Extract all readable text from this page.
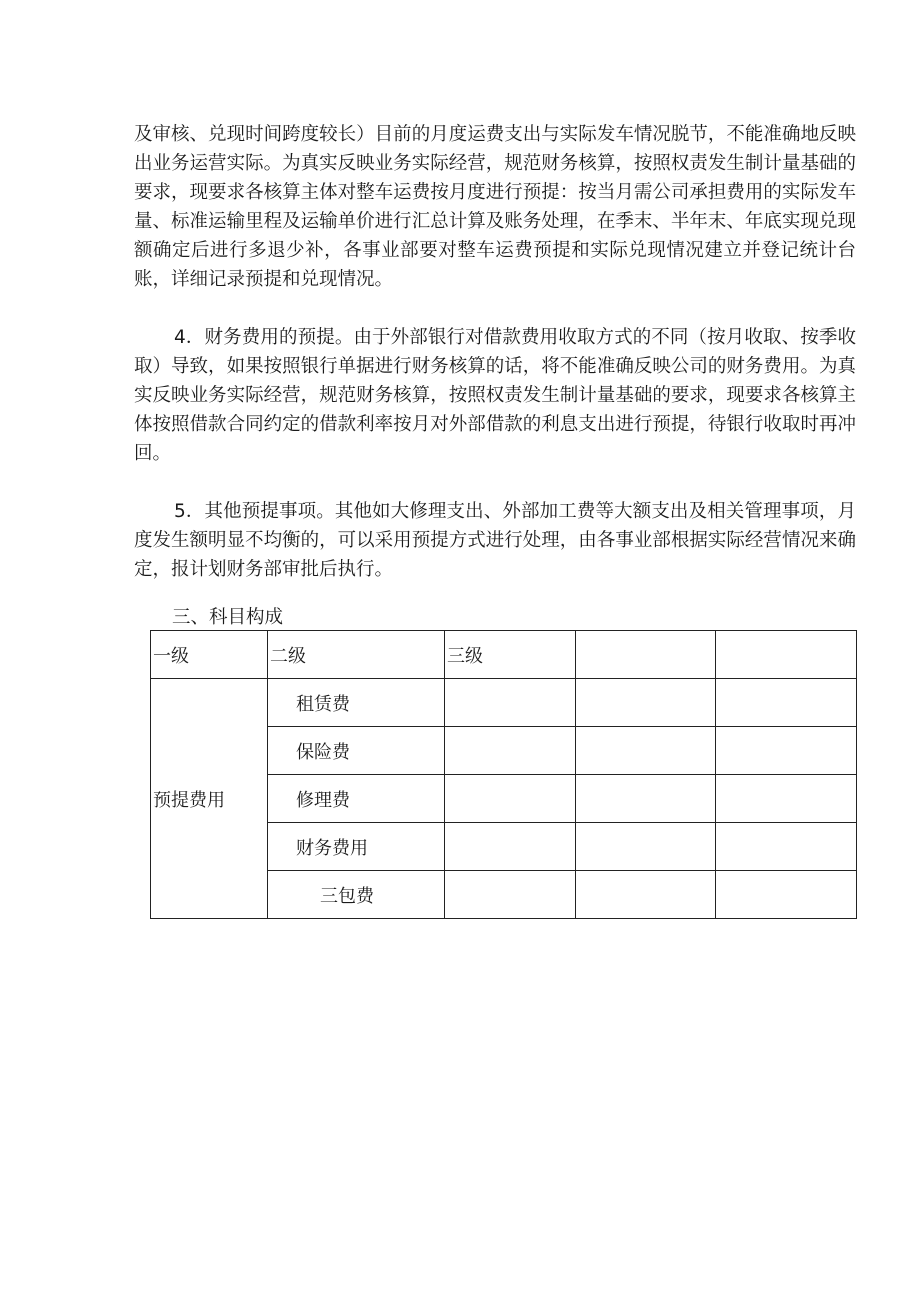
及审核、兑现时间跨度较长）目前的月度运费支出与实际发车情况脱节，不能准确地反映出业务运营实际。为真实反映业务实际经营，规范财务核算，按照权责发生制计量基础的要求，现要求各核算主体对整车运费按月度进行预提：按当月需公司承担费用的实际发车量、标准运输里程及运输单价进行汇总计算及账务处理，在季末、半年末、年底实现兑现额确定后进行多退少补，各事业部要对整车运费预提和实际兑现情况建立并登记统计台账，详细记录预提和兑现情况。

4．财务费用的预提。由于外部银行对借款费用收取方式的不同（按月收取、按季收取）导致，如果按照银行单据进行财务核算的话，将不能准确反映公司的财务费用。为真实反映业务实际经营，规范财务核算，按照权责发生制计量基础的要求，现要求各核算主体按照借款合同约定的借款利率按月对外部借款的利息支出进行预提，待银行收取时再冲回。

5．其他预提事项。其他如大修理支出、外部加工费等大额支出及相关管理事项，月度发生额明显不均衡的，可以采用预提方式进行处理，由各事业部根据实际经营情况来确定，报计划财务部审批后执行。

三、科目构成

一级	二级	三级		
预提费用	租赁费			
	保险费			
	修理费			
	财务费用			
	三包费			
